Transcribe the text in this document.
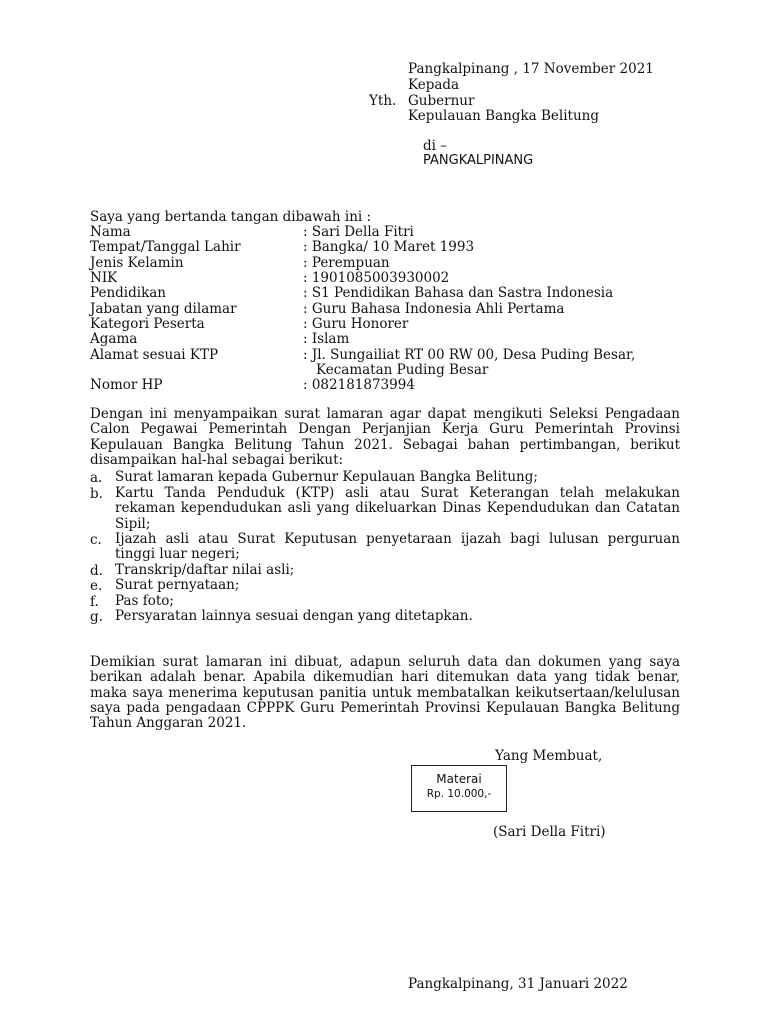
Pangkalpinang , 17 November 2021
Kepada
Yth. Gubernur
Kepulauan Bangka Belitung
di –
PANGKALPINANG
Saya yang bertanda tangan dibawah ini :
Nama	: Sari Della Fitri
Tempat/Tanggal Lahir	: Bangka/ 10 Maret 1993
Jenis Kelamin	: Perempuan
NIK	: 1901085003930002
Pendidikan	: S1 Pendidikan Bahasa dan Sastra Indonesia
Jabatan yang dilamar	: Guru Bahasa Indonesia Ahli Pertama
Kategori Peserta	: Guru Honorer
Agama	: Islam
Alamat sesuai KTP	: Jl. Sungailiat RT 00 RW 00, Desa Puding Besar,
Kecamatan Puding Besar
Nomor HP	: 082181873994
Dengan ini menyampaikan surat lamaran agar dapat mengikuti Seleksi Pengadaan Calon Pegawai Pemerintah Dengan Perjanjian Kerja Guru Pemerintah Provinsi Kepulauan Bangka Belitung Tahun 2021. Sebagai bahan pertimbangan, berikut disampaikan hal-hal sebagai berikut:
a. Surat lamaran kepada Gubernur Kepulauan Bangka Belitung;
b. Kartu Tanda Penduduk (KTP) asli atau Surat Keterangan telah melakukan rekaman kependudukan asli yang dikeluarkan Dinas Kependudukan dan Catatan Sipil;
c. Ijazah asli atau Surat Keputusan penyetaraan ijazah bagi lulusan perguruan tinggi luar negeri;
d. Transkrip/daftar nilai asli;
e. Surat pernyataan;
f. Pas foto;
g. Persyaratan lainnya sesuai dengan yang ditetapkan.
Demikian surat lamaran ini dibuat, adapun seluruh data dan dokumen yang saya berikan adalah benar. Apabila dikemudian hari ditemukan data yang tidak benar, maka saya menerima keputusan panitia untuk membatalkan keikutsertaan/kelulusan saya pada pengadaan CPPPK Guru Pemerintah Provinsi Kepulauan Bangka Belitung Tahun Anggaran 2021.
Yang Membuat,
Materai
Rp. 10.000,-
(Sari Della Fitri)
Pangkalpinang, 31 Januari 2022
